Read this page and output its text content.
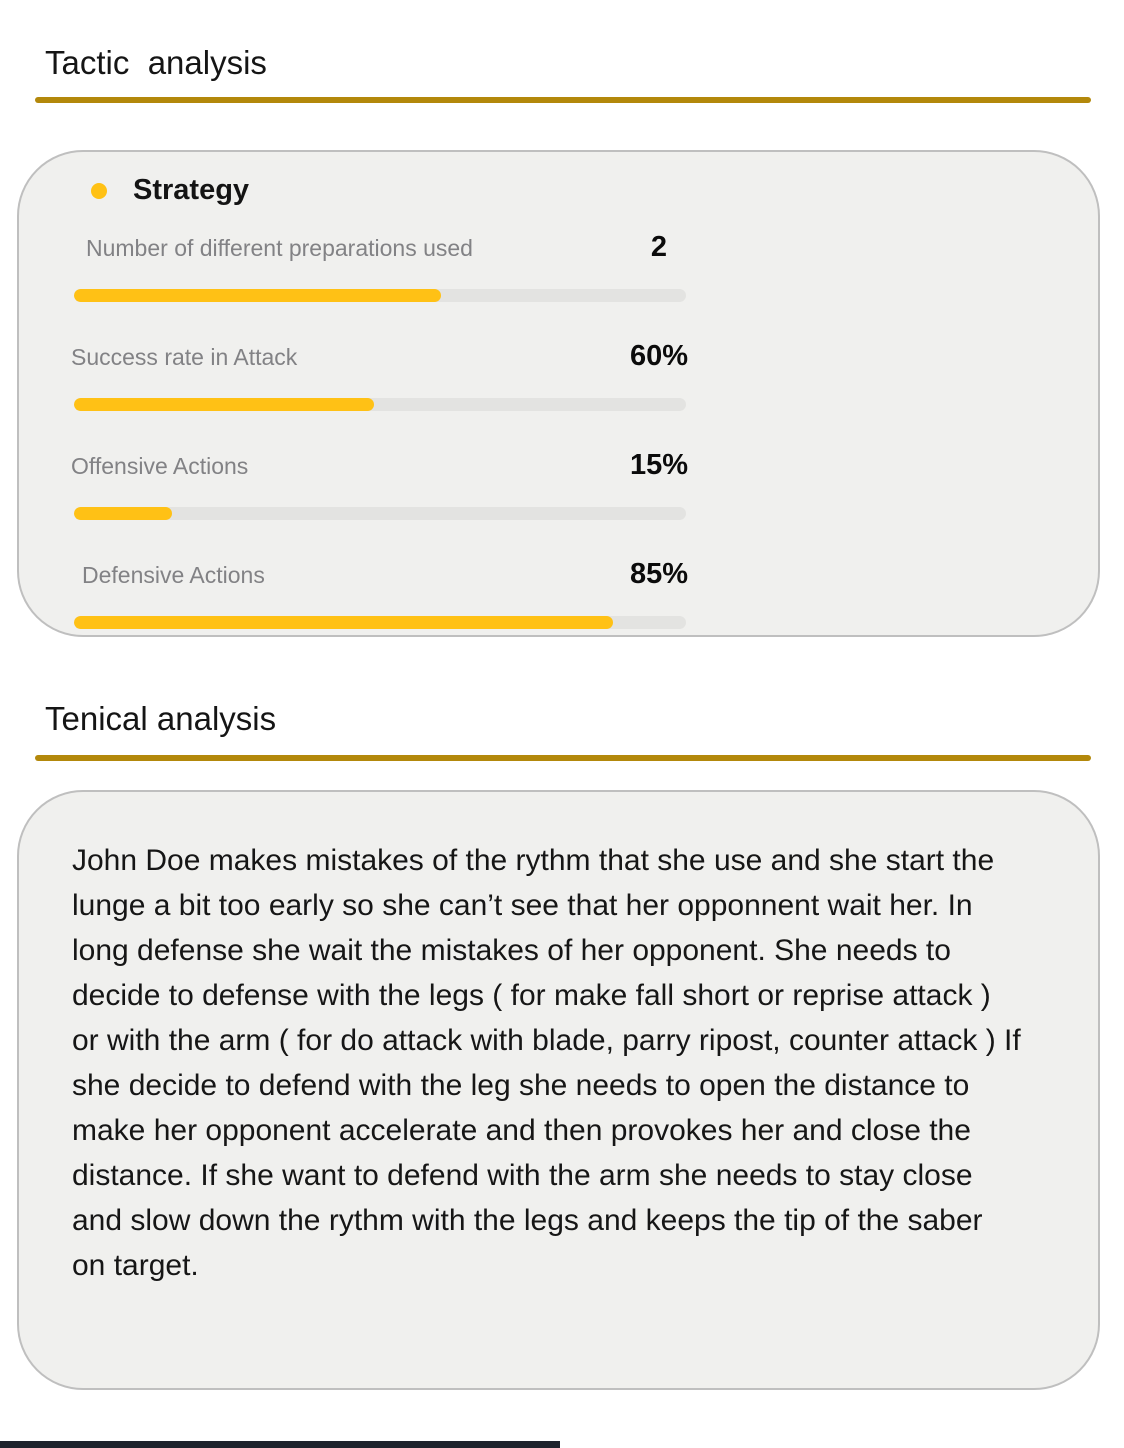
Tactic  analysis
Strategy
Number of different preparations used	2
Success rate in Attack	60%
Offensive Actions	15%
Defensive Actions	85%
Tenical analysis
John Doe makes mistakes of the rythm that she use and she start the lunge a bit too early so she can’t see that her opponnent wait her. In long defense she wait the mistakes of her opponent. She needs to decide to defense with the legs ( for make fall short or reprise attack ) or with the arm ( for do attack with blade, parry ripost, counter attack ) If she decide to defend with the leg she needs to open the distance to make her opponent accelerate and then provokes her and close the distance. If she want to defend with the arm she needs to stay close and slow down the rythm with the legs and keeps the tip of the saber on target.
